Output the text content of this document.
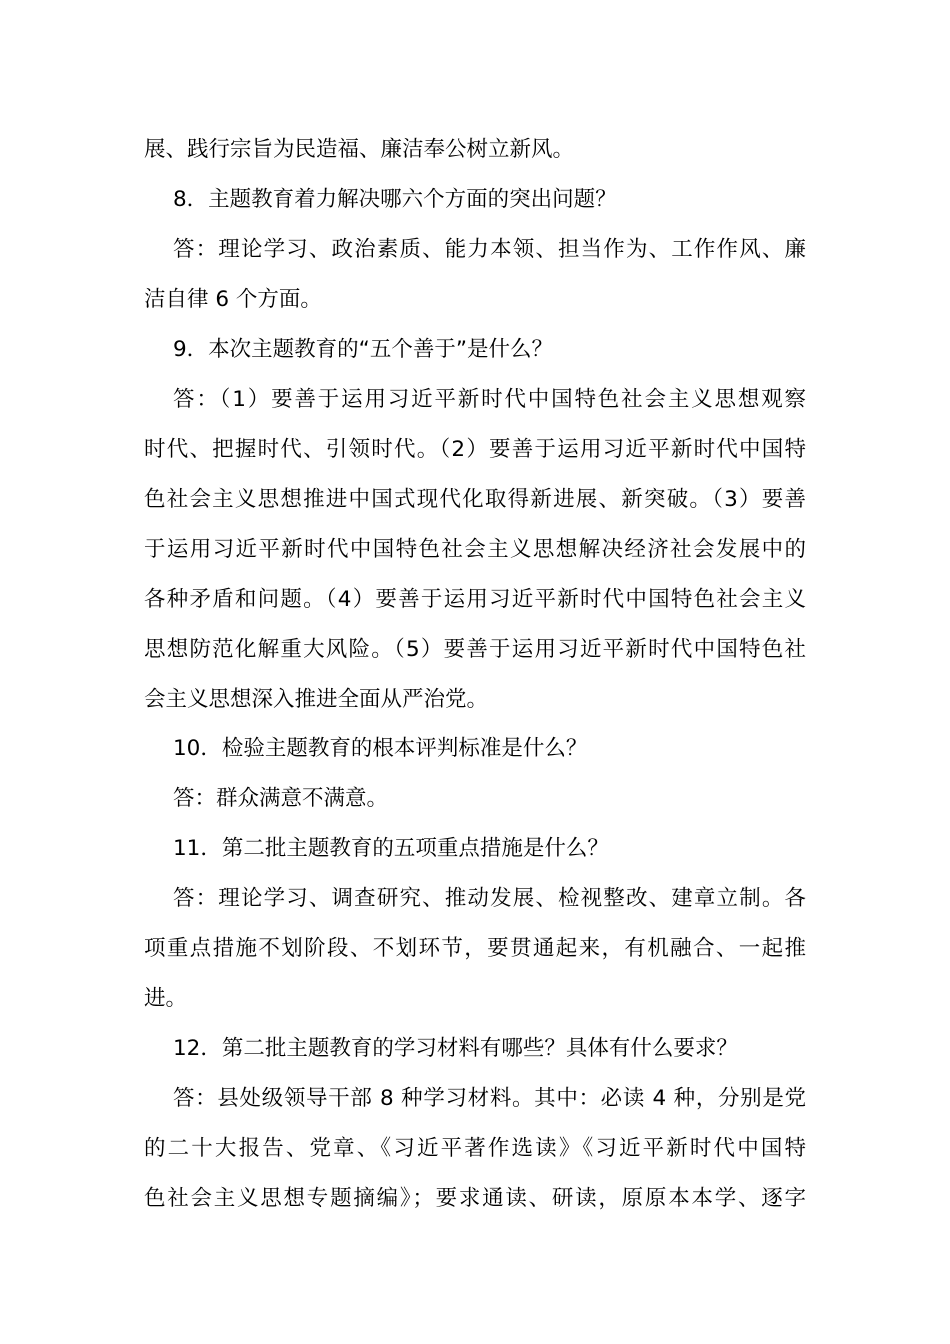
展、践行宗旨为民造福、廉洁奉公树立新风。
8．主题教育着力解决哪六个方面的突出问题？
答：理论学习、政治素质、能力本领、担当作为、工作作风、廉
洁自律 6 个方面。
9．本次主题教育的“五个善于”是什么？
答：（1）要善于运用习近平新时代中国特色社会主义思想观察
时代、把握时代、引领时代。（2）要善于运用习近平新时代中国特
色社会主义思想推进中国式现代化取得新进展、新突破。（3）要善
于运用习近平新时代中国特色社会主义思想解决经济社会发展中的
各种矛盾和问题。（4）要善于运用习近平新时代中国特色社会主义
思想防范化解重大风险。（5）要善于运用习近平新时代中国特色社
会主义思想深入推进全面从严治党。
10．检验主题教育的根本评判标准是什么？
答：群众满意不满意。
11．第二批主题教育的五项重点措施是什么？
答：理论学习、调查研究、推动发展、检视整改、建章立制。各
项重点措施不划阶段、不划环节，要贯通起来，有机融合、一起推
进。
12．第二批主题教育的学习材料有哪些？具体有什么要求？
答：县处级领导干部 8 种学习材料。其中：必读 4 种，分别是党
的二十大报告、党章、《习近平著作选读》《习近平新时代中国特
色社会主义思想专题摘编》；要求通读、研读，原原本本学、逐字
